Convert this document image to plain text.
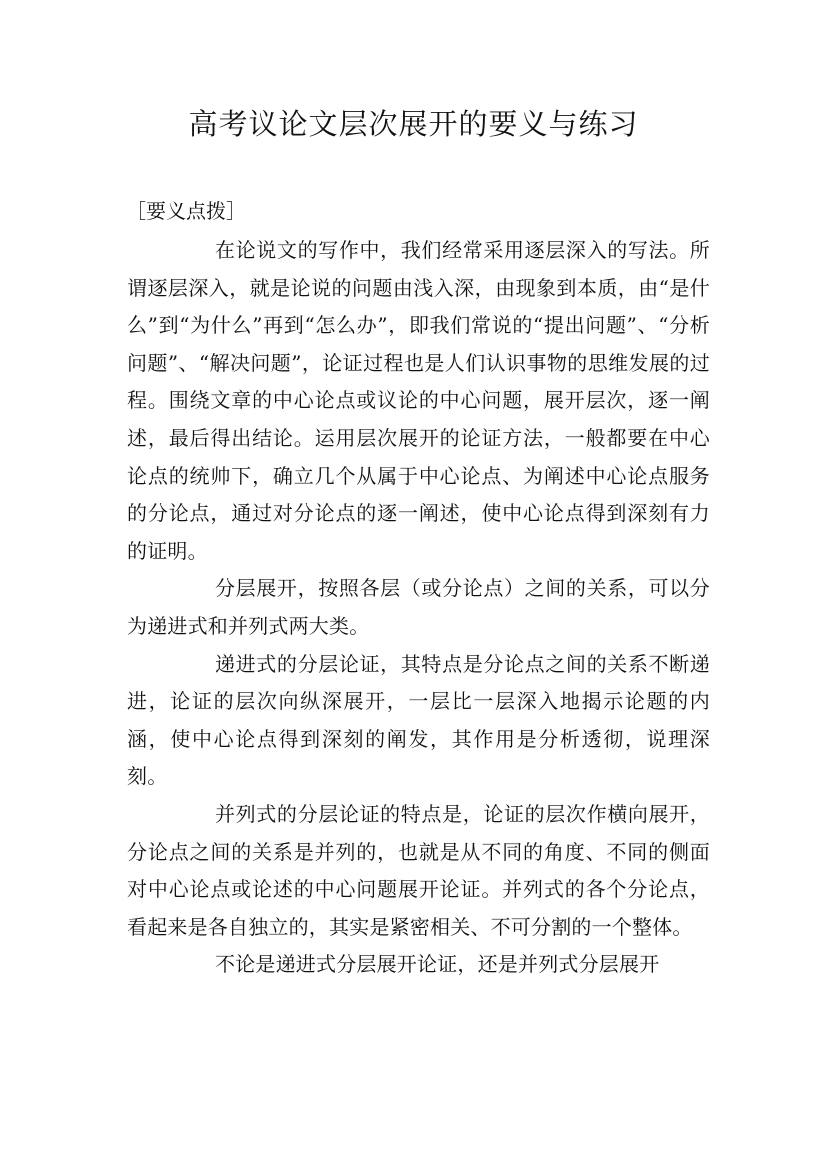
高考议论文层次展开的要义与练习

［要义点拨］

在论说文的写作中，我们经常采用逐层深入的写法。所谓逐层深入，就是论说的问题由浅入深，由现象到本质，由“是什么”到“为什么”再到“怎么办”，即我们常说的“提出问题”、“分析问题”、“解决问题”，论证过程也是人们认识事物的思维发展的过程。围绕文章的中心论点或议论的中心问题，展开层次，逐一阐述，最后得出结论。运用层次展开的论证方法，一般都要在中心论点的统帅下，确立几个从属于中心论点、为阐述中心论点服务的分论点，通过对分论点的逐一阐述，使中心论点得到深刻有力的证明。

分层展开，按照各层（或分论点）之间的关系，可以分为递进式和并列式两大类。

递进式的分层论证，其特点是分论点之间的关系不断递进，论证的层次向纵深展开，一层比一层深入地揭示论题的内涵，使中心论点得到深刻的阐发，其作用是分析透彻，说理深刻。

并列式的分层论证的特点是，论证的层次作横向展开，分论点之间的关系是并列的，也就是从不同的角度、不同的侧面对中心论点或论述的中心问题展开论证。并列式的各个分论点，看起来是各自独立的，其实是紧密相关、不可分割的一个整体。

不论是递进式分层展开论证，还是并列式分层展开
